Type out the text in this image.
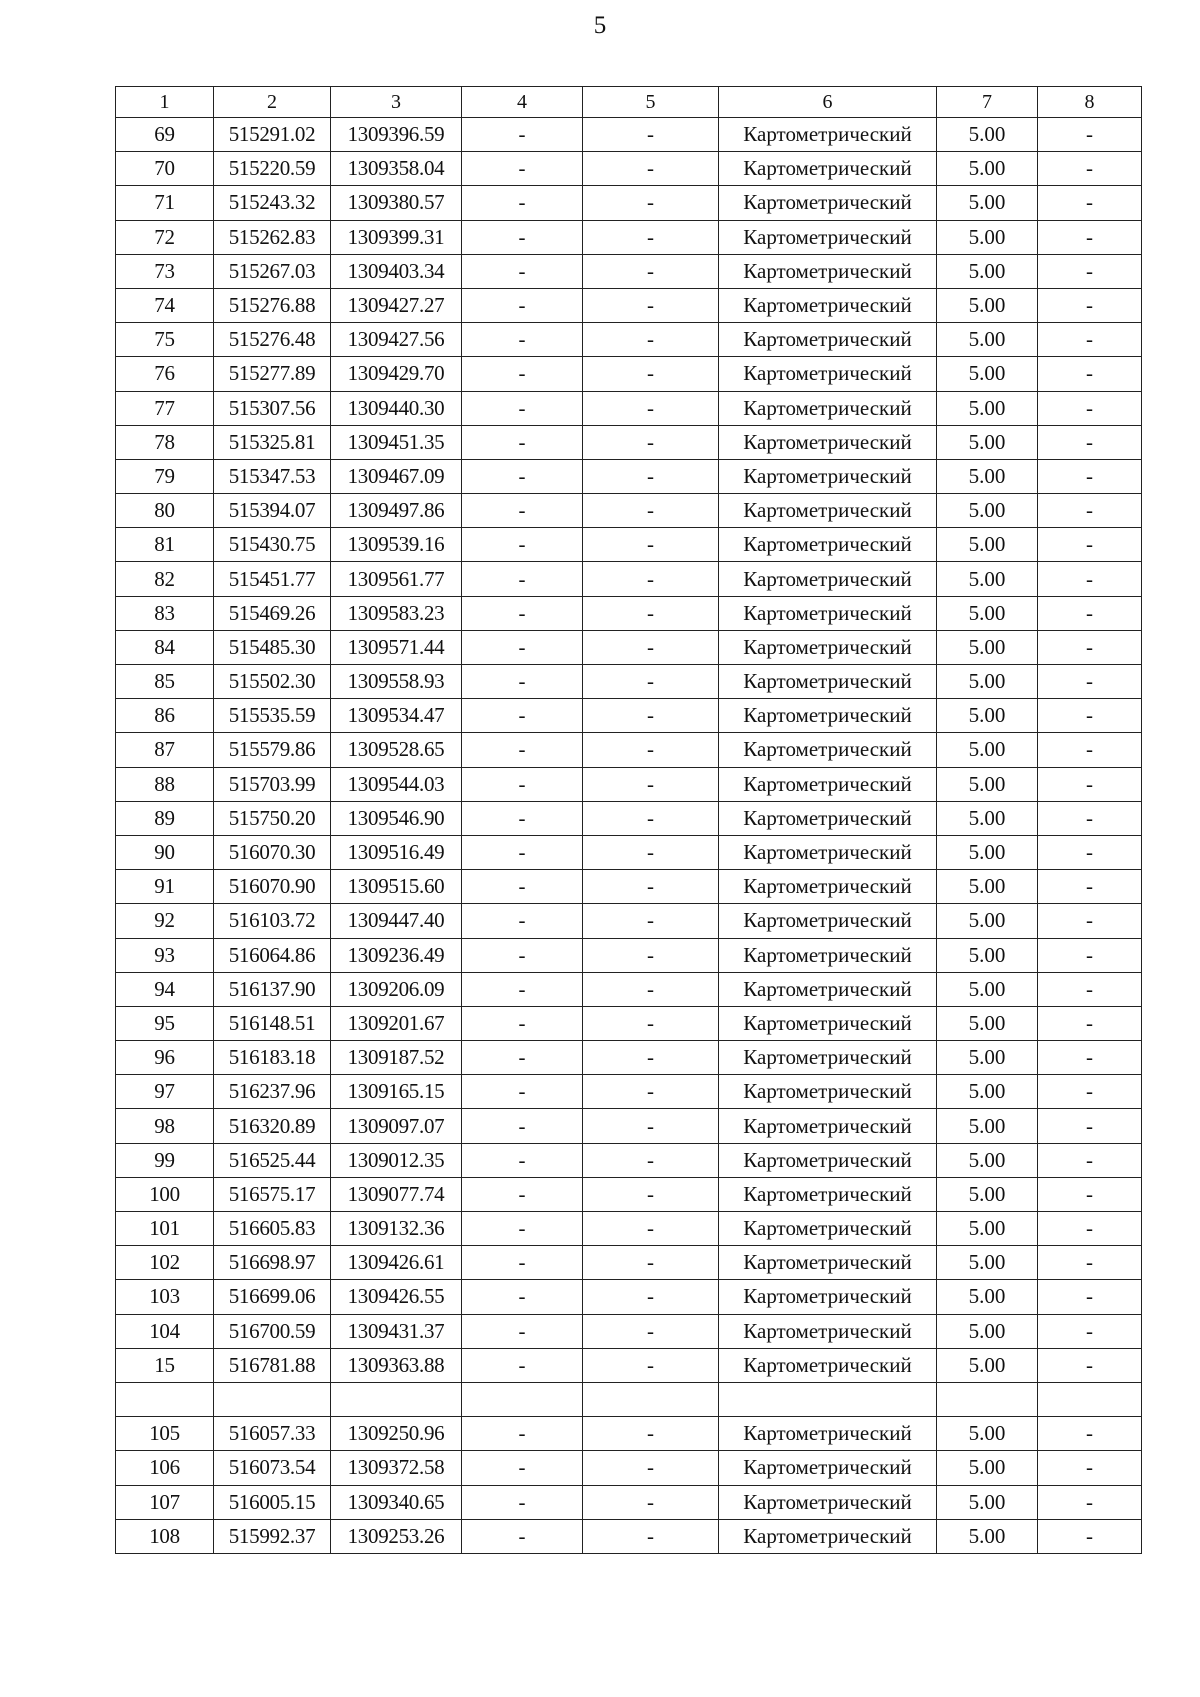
5
1	2	3	4	5	6	7	8
69	515291.02	1309396.59	-	-	Картометрический	5.00	-
70	515220.59	1309358.04	-	-	Картометрический	5.00	-
71	515243.32	1309380.57	-	-	Картометрический	5.00	-
72	515262.83	1309399.31	-	-	Картометрический	5.00	-
73	515267.03	1309403.34	-	-	Картометрический	5.00	-
74	515276.88	1309427.27	-	-	Картометрический	5.00	-
75	515276.48	1309427.56	-	-	Картометрический	5.00	-
76	515277.89	1309429.70	-	-	Картометрический	5.00	-
77	515307.56	1309440.30	-	-	Картометрический	5.00	-
78	515325.81	1309451.35	-	-	Картометрический	5.00	-
79	515347.53	1309467.09	-	-	Картометрический	5.00	-
80	515394.07	1309497.86	-	-	Картометрический	5.00	-
81	515430.75	1309539.16	-	-	Картометрический	5.00	-
82	515451.77	1309561.77	-	-	Картометрический	5.00	-
83	515469.26	1309583.23	-	-	Картометрический	5.00	-
84	515485.30	1309571.44	-	-	Картометрический	5.00	-
85	515502.30	1309558.93	-	-	Картометрический	5.00	-
86	515535.59	1309534.47	-	-	Картометрический	5.00	-
87	515579.86	1309528.65	-	-	Картометрический	5.00	-
88	515703.99	1309544.03	-	-	Картометрический	5.00	-
89	515750.20	1309546.90	-	-	Картометрический	5.00	-
90	516070.30	1309516.49	-	-	Картометрический	5.00	-
91	516070.90	1309515.60	-	-	Картометрический	5.00	-
92	516103.72	1309447.40	-	-	Картометрический	5.00	-
93	516064.86	1309236.49	-	-	Картометрический	5.00	-
94	516137.90	1309206.09	-	-	Картометрический	5.00	-
95	516148.51	1309201.67	-	-	Картометрический	5.00	-
96	516183.18	1309187.52	-	-	Картометрический	5.00	-
97	516237.96	1309165.15	-	-	Картометрический	5.00	-
98	516320.89	1309097.07	-	-	Картометрический	5.00	-
99	516525.44	1309012.35	-	-	Картометрический	5.00	-
100	516575.17	1309077.74	-	-	Картометрический	5.00	-
101	516605.83	1309132.36	-	-	Картометрический	5.00	-
102	516698.97	1309426.61	-	-	Картометрический	5.00	-
103	516699.06	1309426.55	-	-	Картометрический	5.00	-
104	516700.59	1309431.37	-	-	Картометрический	5.00	-
15	516781.88	1309363.88	-	-	Картометрический	5.00	-

105	516057.33	1309250.96	-	-	Картометрический	5.00	-
106	516073.54	1309372.58	-	-	Картометрический	5.00	-
107	516005.15	1309340.65	-	-	Картометрический	5.00	-
108	515992.37	1309253.26	-	-	Картометрический	5.00	-
